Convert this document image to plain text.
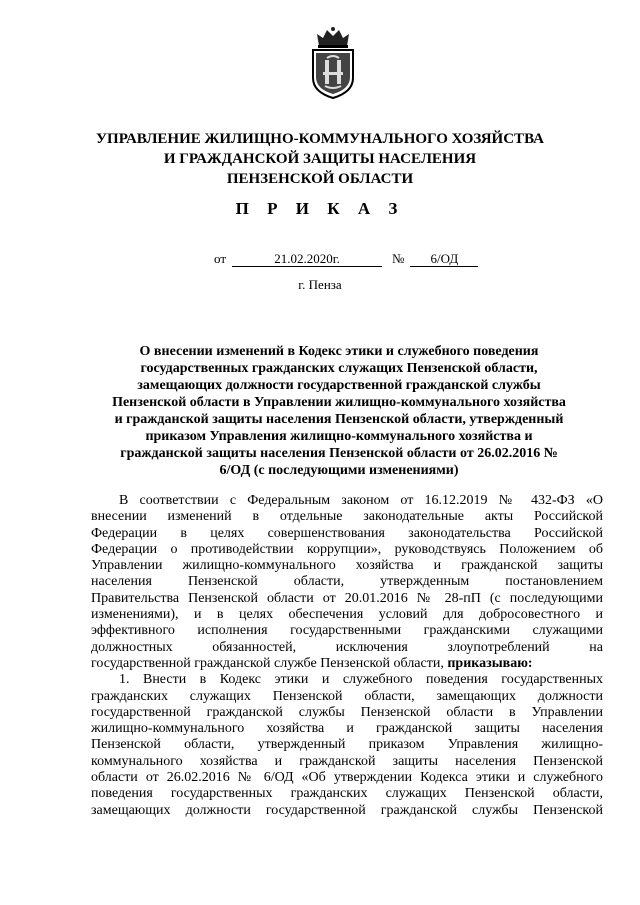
УПРАВЛЕНИЕ ЖИЛИЩНО-КОММУНАЛЬНОГО ХОЗЯЙСТВА
И ГРАЖДАНСКОЙ ЗАЩИТЫ НАСЕЛЕНИЯ
ПЕНЗЕНСКОЙ ОБЛАСТИ
П Р И К А З
от	21.02.2020г.	№ 6/ОД
г. Пенза
О внесении изменений в Кодекс этики и служебного поведения
государственных гражданских служащих Пензенской области,
замещающих должности государственной гражданской службы
Пензенской области в Управлении жилищно-коммунального хозяйства
и гражданской защиты населения Пензенской области, утвержденный
приказом Управления жилищно-коммунального хозяйства и
гражданской защиты населения Пензенской области от 26.02.2016 №
6/ОД (с последующими изменениями)
В соответствии с Федеральным законом от 16.12.2019 № 432-ФЗ «О
внесении изменений в отдельные законодательные акты Российской
Федерации в целях совершенствования законодательства Российской
Федерации о противодействии коррупции», руководствуясь Положением об
Управлении жилищно-коммунального хозяйства и гражданской защиты
населения Пензенской области, утвержденным постановлением
Правительства Пензенской области от 20.01.2016 № 28-пП (с последующими
изменениями), и в целях обеспечения условий для добросовестного и
эффективного исполнения государственными гражданскими служащими
должностных обязанностей, исключения злоупотреблений на
государственной гражданской службе Пензенской области, приказываю:
1. Внести в Кодекс этики и служебного поведения государственных
гражданских служащих Пензенской области, замещающих должности
государственной гражданской службы Пензенской области в Управлении
жилищно-коммунального хозяйства и гражданской защиты населения
Пензенской области, утвержденный приказом Управления жилищно-
коммунального хозяйства и гражданской защиты населения Пензенской
области от 26.02.2016 № 6/ОД «Об утверждении Кодекса этики и служебного
поведения государственных гражданских служащих Пензенской области,
замещающих должности государственной гражданской службы Пензенской
